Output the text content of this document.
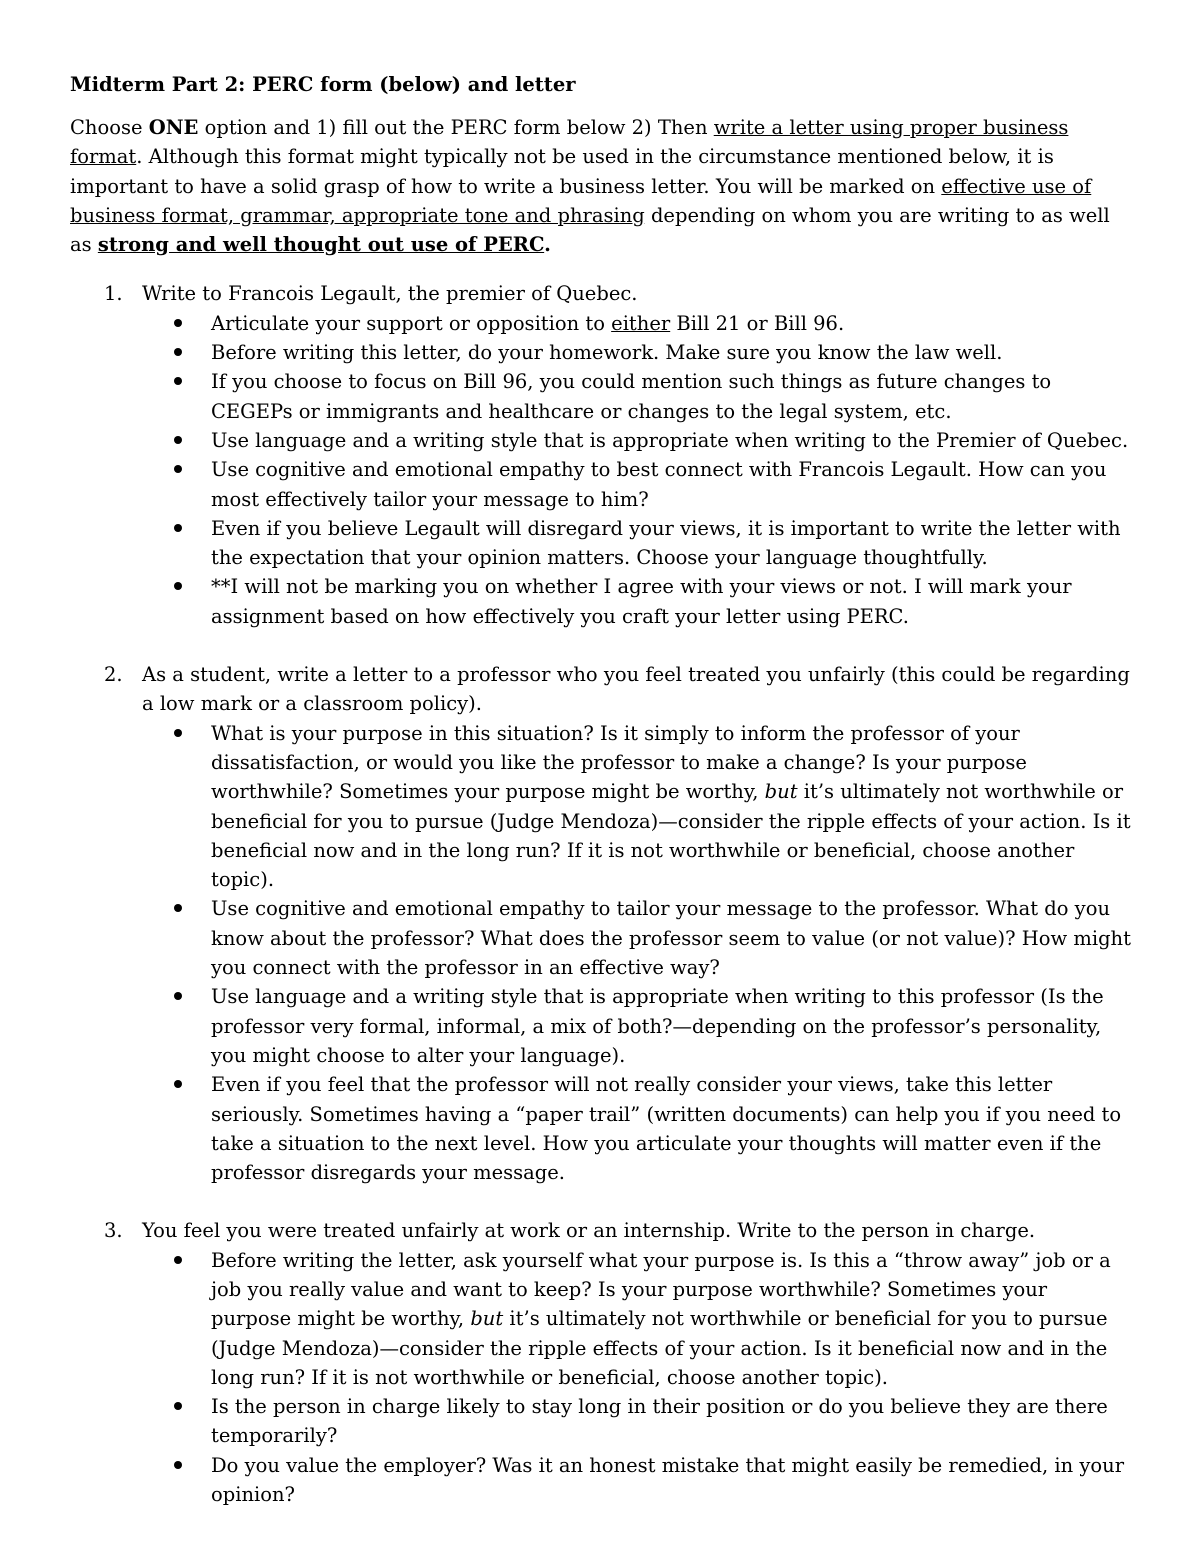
Midterm Part 2: PERC form (below) and letter

Choose ONE option and 1) fill out the PERC form below 2) Then write a letter using proper business format. Although this format might typically not be used in the circumstance mentioned below, it is important to have a solid grasp of how to write a business letter. You will be marked on effective use of business format, grammar, appropriate tone and phrasing depending on whom you are writing to as well as strong and well thought out use of PERC.

1. Write to Francois Legault, the premier of Quebec.
Articulate your support or opposition to either Bill 21 or Bill 96.
Before writing this letter, do your homework. Make sure you know the law well.
If you choose to focus on Bill 96, you could mention such things as future changes to CEGEPs or immigrants and healthcare or changes to the legal system, etc.
Use language and a writing style that is appropriate when writing to the Premier of Quebec.
Use cognitive and emotional empathy to best connect with Francois Legault. How can you most effectively tailor your message to him?
Even if you believe Legault will disregard your views, it is important to write the letter with the expectation that your opinion matters. Choose your language thoughtfully.
**I will not be marking you on whether I agree with your views or not. I will mark your assignment based on how effectively you craft your letter using PERC.
2. As a student, write a letter to a professor who you feel treated you unfairly (this could be regarding a low mark or a classroom policy).
What is your purpose in this situation? Is it simply to inform the professor of your dissatisfaction, or would you like the professor to make a change? Is your purpose worthwhile? Sometimes your purpose might be worthy, but it’s ultimately not worthwhile or beneficial for you to pursue (Judge Mendoza)—consider the ripple effects of your action. Is it beneficial now and in the long run? If it is not worthwhile or beneficial, choose another topic).
Use cognitive and emotional empathy to tailor your message to the professor. What do you know about the professor? What does the professor seem to value (or not value)? How might you connect with the professor in an effective way?
Use language and a writing style that is appropriate when writing to this professor (Is the professor very formal, informal, a mix of both?—depending on the professor’s personality, you might choose to alter your language).
Even if you feel that the professor will not really consider your views, take this letter seriously. Sometimes having a “paper trail” (written documents) can help you if you need to take a situation to the next level. How you articulate your thoughts will matter even if the professor disregards your message.
3. You feel you were treated unfairly at work or an internship. Write to the person in charge.
Before writing the letter, ask yourself what your purpose is. Is this a “throw away” job or a job you really value and want to keep? Is your purpose worthwhile? Sometimes your purpose might be worthy, but it’s ultimately not worthwhile or beneficial for you to pursue (Judge Mendoza)—consider the ripple effects of your action. Is it beneficial now and in the long run? If it is not worthwhile or beneficial, choose another topic).
Is the person in charge likely to stay long in their position or do you believe they are there temporarily?
Do you value the employer? Was it an honest mistake that might easily be remedied, in your opinion?
